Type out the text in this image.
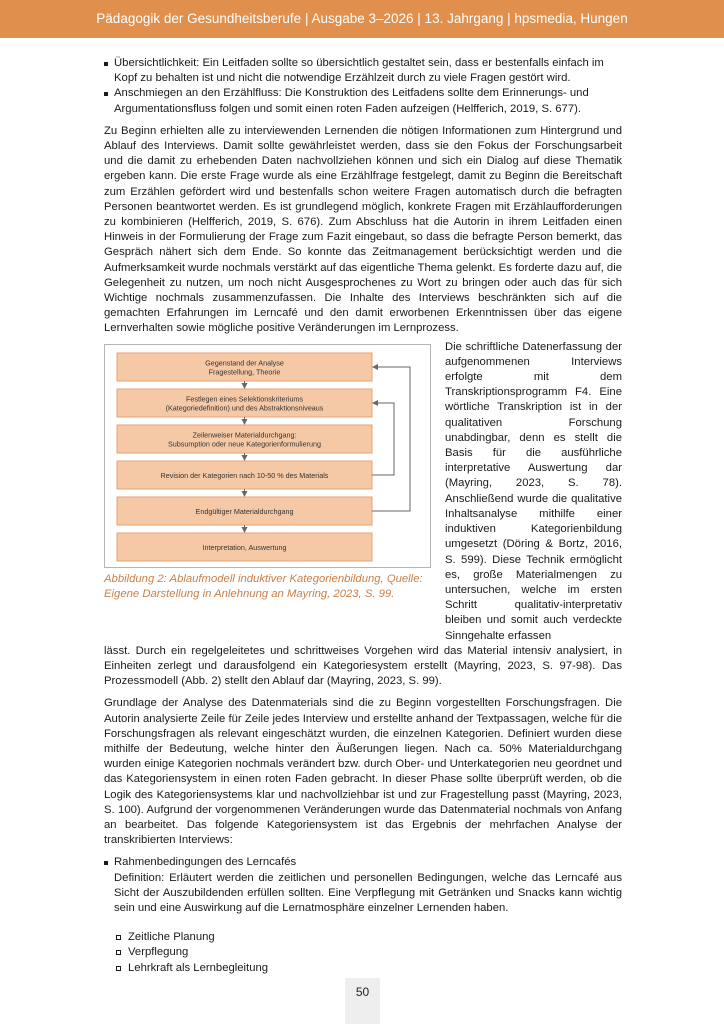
Pädagogik der Gesundheitsberufe | Ausgabe 3–2026 | 13. Jahrgang | hpsmedia, Hungen
Übersichtlichkeit: Ein Leitfaden sollte so übersichtlich gestaltet sein, dass er bestenfalls einfach im Kopf zu behalten ist und nicht die notwendige Erzählzeit durch zu viele Fragen gestört wird.
Anschmiegen an den Erzählfluss: Die Konstruktion des Leitfadens sollte dem Erinnerungs- und Argumentationsfluss folgen und somit einen roten Faden aufzeigen (Helfferich, 2019, S. 677).

Zu Beginn erhielten alle zu interviewenden Lernenden die nötigen Informationen zum Hintergrund und Ablauf des Interviews. Damit sollte gewährleistet werden, dass sie den Fokus der Forschungsarbeit und die damit zu erhebenden Daten nachvollziehen können und sich ein Dialog auf diese Thematik ergeben kann. Die erste Frage wurde als eine Erzählfrage festgelegt, damit zu Beginn die Bereitschaft zum Erzählen gefördert wird und bestenfalls schon weitere Fragen automatisch durch die befragten Personen beantwortet werden. Es ist grundlegend möglich, konkrete Fragen mit Erzählaufforderungen zu kombinieren (Helfferich, 2019, S. 676). Zum Abschluss hat die Autorin in ihrem Leitfaden einen Hinweis in der Formulierung der Frage zum Fazit eingebaut, so dass die befragte Person bemerkt, das Gespräch nähert sich dem Ende. So konnte das Zeitmanagement berücksichtigt werden und die Aufmerksamkeit wurde nochmals verstärkt auf das eigentliche Thema gelenkt. Es forderte dazu auf, die Gelegenheit zu nutzen, um noch nicht Ausgesprochenes zu Wort zu bringen oder auch das für sich Wichtige nochmals zusammenzufassen. Die Inhalte des Interviews beschränkten sich auf die gemachten Erfahrungen im Lerncafé und den damit erworbenen Erkenntnissen über das eigene Lernverhalten sowie mögliche positive Veränderungen im Lernprozess.

Gegenstand der Analyse
Fragestellung, Theorie
Festlegen eines Selektionskriteriums
(Kategoriedefinition) und des Abstraktionsniveaus
Zeilenweiser Materialdurchgang:
Subsumption oder neue Kategorienformulierung
Revision der Kategorien nach 10-50 % des Materials
Endgültiger Materialdurchgang
Interpretation, Auswertung
Abbildung 2: Ablaufmodell induktiver Kategorienbildung, Quelle: Eigene Darstellung in Anlehnung an Mayring, 2023, S. 99.
Die schriftliche Datenerfassung der aufgenommenen Interviews erfolgte mit dem Transkriptionsprogramm F4. Eine wörtliche Transkription ist in der qualitativen Forschung unabdingbar, denn es stellt die Basis für die ausführliche interpretative Auswertung dar (Mayring, 2023, S. 78). Anschließend wurde die qualitative Inhaltsanalyse mithilfe einer induktiven Kategorienbildung umgesetzt (Döring & Bortz, 2016, S. 599). Diese Technik ermöglicht es, große Materialmengen zu untersuchen, welche im ersten Schritt qualitativ-interpretativ bleiben und somit auch verdeckte Sinngehalte erfassen

lässt. Durch ein regelgeleitetes und schrittweises Vorgehen wird das Material intensiv analysiert, in Einheiten zerlegt und darausfolgend ein Kategoriesystem erstellt (Mayring, 2023, S. 97-98). Das Prozessmodell (Abb. 2) stellt den Ablauf dar (Mayring, 2023, S. 99).

Grundlage der Analyse des Datenmaterials sind die zu Beginn vorgestellten Forschungsfragen. Die Autorin analysierte Zeile für Zeile jedes Interview und erstellte anhand der Textpassagen, welche für die Forschungsfragen als relevant eingeschätzt wurden, die einzelnen Kategorien. Definiert wurden diese mithilfe der Bedeutung, welche hinter den Äußerungen liegen. Nach ca. 50% Materialdurchgang wurden einige Kategorien nochmals verändert bzw. durch Ober- und Unterkategorien neu geordnet und das Kategoriensystem in einen roten Faden gebracht. In dieser Phase sollte überprüft werden, ob die Logik des Kategoriensystems klar und nachvollziehbar ist und zur Fragestellung passt (Mayring, 2023, S. 100). Aufgrund der vorgenommenen Veränderungen wurde das Datenmaterial nochmals von Anfang an bearbeitet. Das folgende Kategoriensystem ist das Ergebnis der mehrfachen Analyse der transkribierten Interviews:

Rahmenbedingungen des Lerncafés
Definition: Erläutert werden die zeitlichen und personellen Bedingungen, welche das Lerncafé aus Sicht der Auszubildenden erfüllen sollten. Eine Verpflegung mit Getränken und Snacks kann wichtig sein und eine Auswirkung auf die Lernatmosphäre einzelner Lernenden haben.
Zeitliche Planung
Verpflegung
Lehrkraft als Lernbegleitung
50
